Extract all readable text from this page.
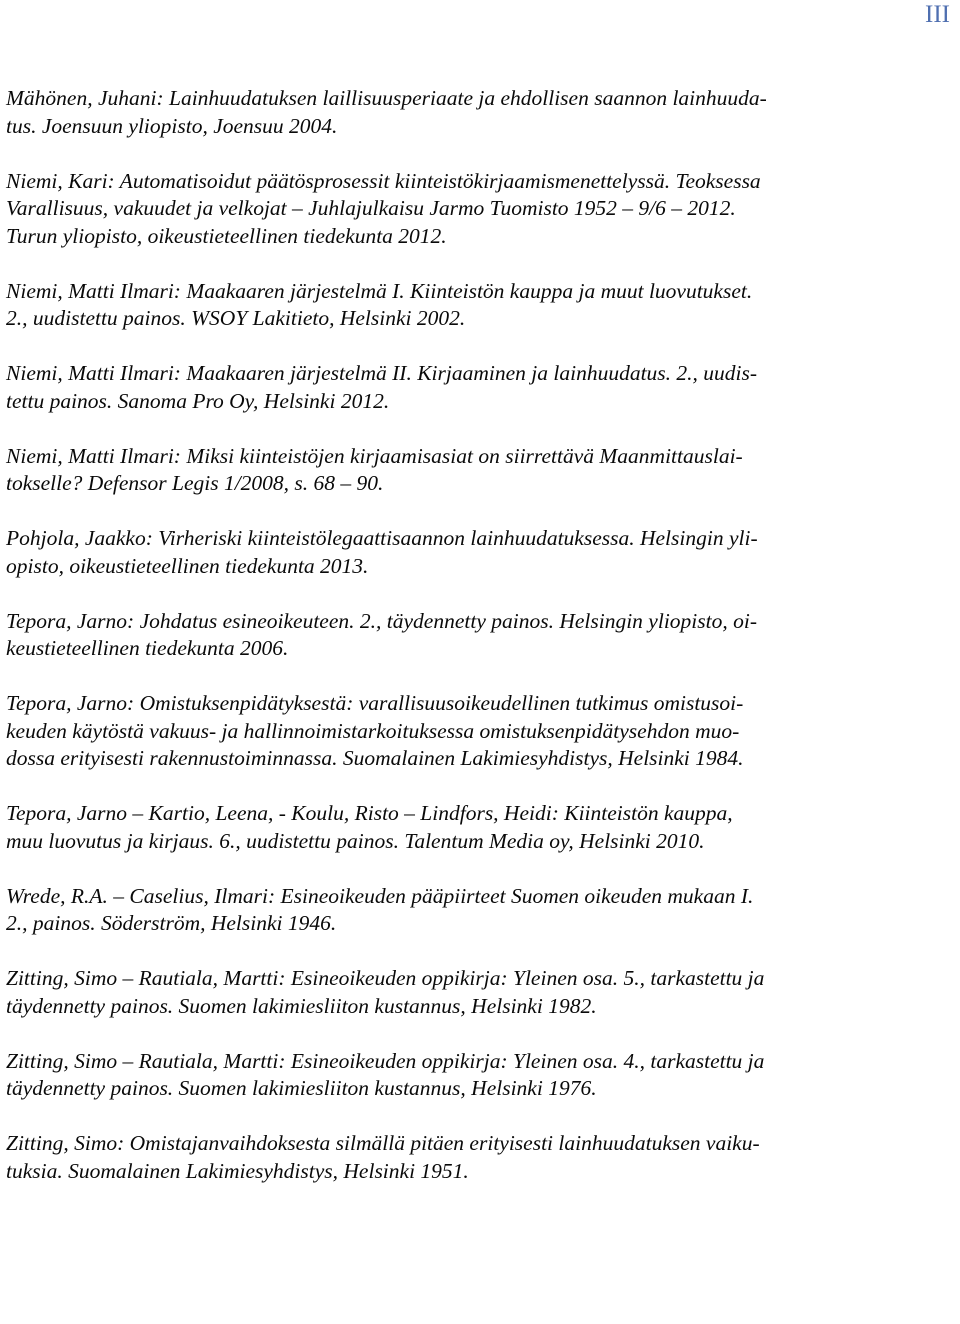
III

Mähönen, Juhani: Lainhuudatuksen laillisuusperiaate ja ehdollisen saannon lainhuuda-
tus. Joensuun yliopisto, Joensuu 2004.

Niemi, Kari: Automatisoidut päätösprosessit kiinteistökirjaamismenettelyssä. Teoksessa
Varallisuus, vakuudet ja velkojat – Juhlajulkaisu Jarmo Tuomisto 1952 – 9/6 – 2012.
Turun yliopisto, oikeustieteellinen tiedekunta 2012.

Niemi, Matti Ilmari: Maakaaren järjestelmä I. Kiinteistön kauppa ja muut luovutukset.
2., uudistettu painos. WSOY Lakitieto, Helsinki 2002.

Niemi, Matti Ilmari: Maakaaren järjestelmä II. Kirjaaminen ja lainhuudatus. 2., uudis-
tettu painos. Sanoma Pro Oy, Helsinki 2012.

Niemi, Matti Ilmari: Miksi kiinteistöjen kirjaamisasiat on siirrettävä Maanmittauslai-
tokselle? Defensor Legis 1/2008, s. 68 – 90.

Pohjola, Jaakko: Virheriski kiinteistölegaattisaannon lainhuudatuksessa. Helsingin yli-
opisto, oikeustieteellinen tiedekunta 2013.

Tepora, Jarno: Johdatus esineoikeuteen. 2., täydennetty painos. Helsingin yliopisto, oi-
keustieteellinen tiedekunta 2006.

Tepora, Jarno: Omistuksenpidätyksestä: varallisuusoikeudellinen tutkimus omistusoi-
keuden käytöstä vakuus- ja hallinnoimistarkoituksessa omistuksenpidätysehdon muo-
dossa erityisesti rakennustoiminnassa. Suomalainen Lakimiesyhdistys, Helsinki 1984.

Tepora, Jarno – Kartio, Leena, - Koulu, Risto – Lindfors, Heidi: Kiinteistön kauppa,
muu luovutus ja kirjaus. 6., uudistettu painos. Talentum Media oy, Helsinki 2010.

Wrede, R.A. – Caselius, Ilmari: Esineoikeuden pääpiirteet Suomen oikeuden mukaan I.
2., painos. Söderström, Helsinki 1946.

Zitting, Simo – Rautiala, Martti: Esineoikeuden oppikirja: Yleinen osa. 5., tarkastettu ja
täydennetty painos. Suomen lakimiesliiton kustannus, Helsinki 1982.

Zitting, Simo – Rautiala, Martti: Esineoikeuden oppikirja: Yleinen osa. 4., tarkastettu ja
täydennetty painos. Suomen lakimiesliiton kustannus, Helsinki 1976.

Zitting, Simo: Omistajanvaihdoksesta silmällä pitäen erityisesti lainhuudatuksen vaiku-
tuksia. Suomalainen Lakimiesyhdistys, Helsinki 1951.
